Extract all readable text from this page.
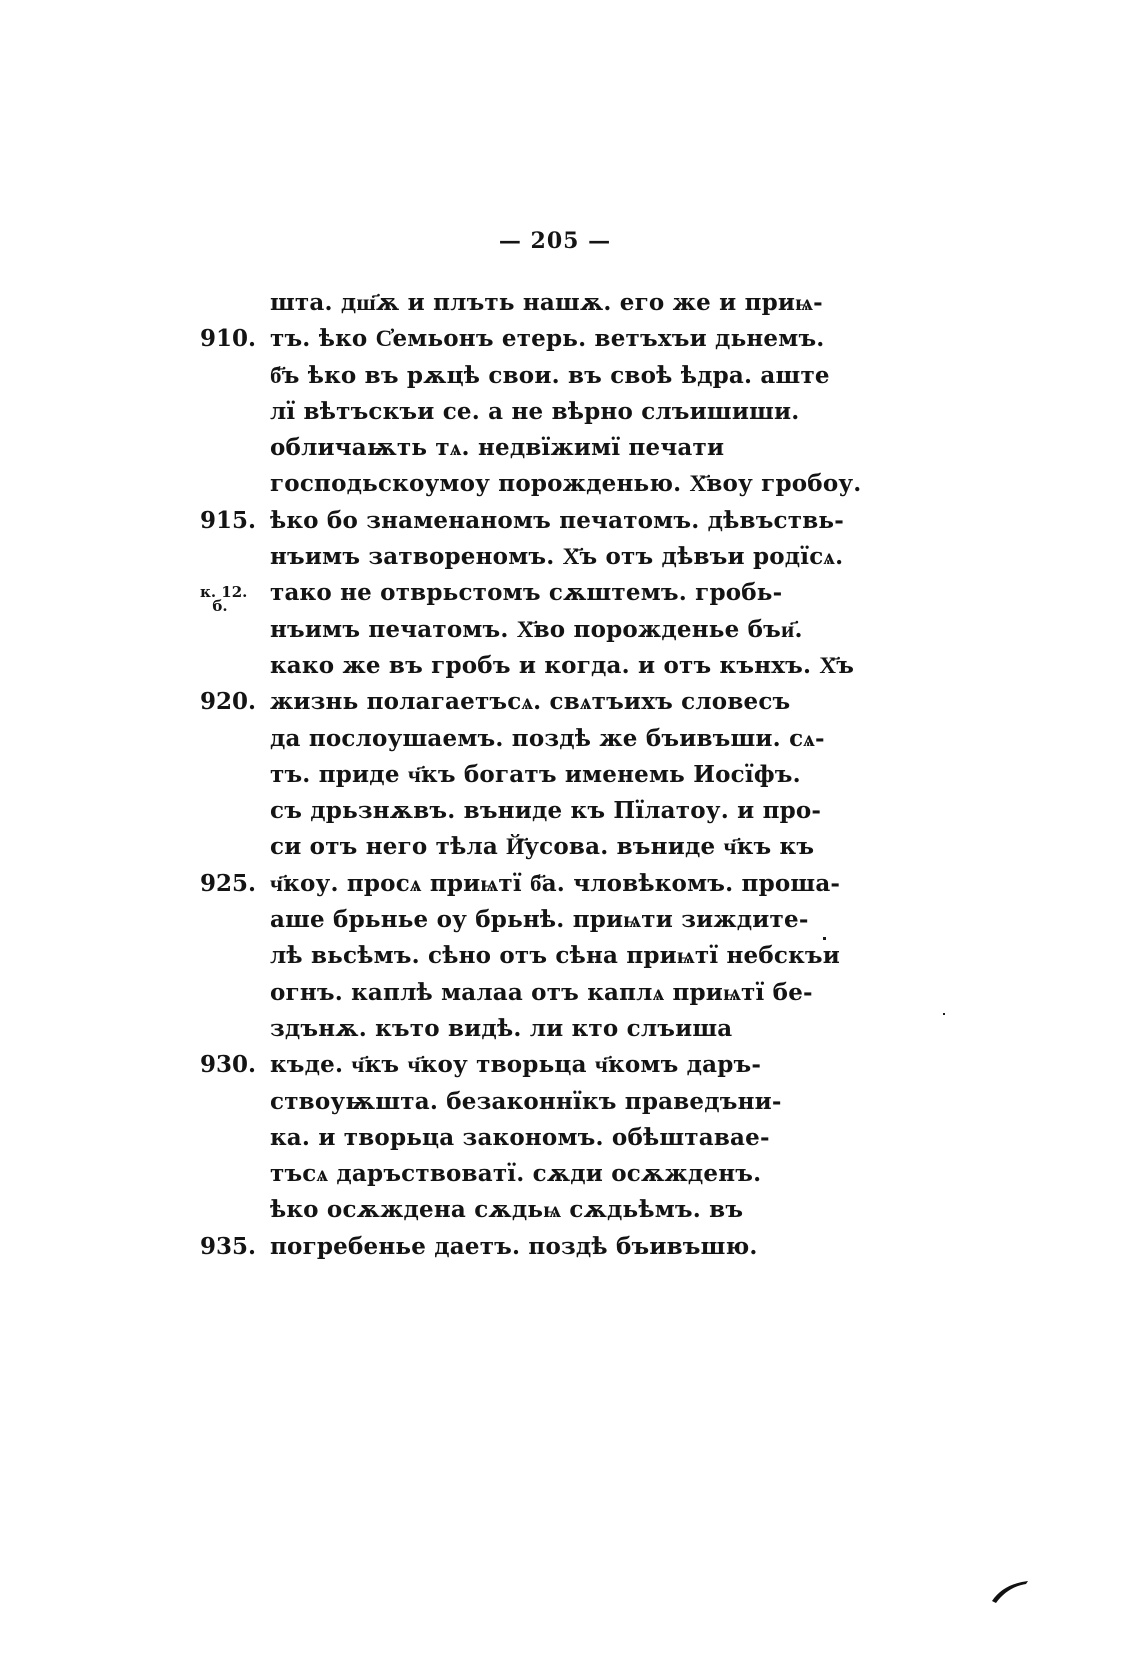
— 205 —
шта. дш҃ѫ и плъть нашѫ. его же и приѩ-
910. тъ. ѣко С҆емьонъ етерь. ветъхъи дьнемъ.
б҃ъ ѣко въ рѫцѣ свои. въ своѣ ѣдра. аште
лї вѣтъскъи се. а не вѣрно слъишиши.
обличаѭть тѧ. недвїжимї печати
господьскоумоу порожденью. Х҃воу гробоу.
915. ѣко бо знаменаномъ печатомъ. дѣвъствь-
нъимъ затвореномъ. Х҃ъ отъ дѣвъи родїсѧ.
к. 12.
б.	тако не отврьстомъ сѫштемъ. гробь-
нъимъ печатомъ. Х҃во порожденье бъи҃.
како же въ гробъ и когда. и отъ кънхъ. Х҃ъ
920. жизнь полагаетъсѧ. свѧтъихъ словесъ
да послоушаемъ. поздѣ же бъивъши. сѧ-
тъ. приде ч҃къ богатъ именемь Иосїфъ.
съ дрьзнѫвъ. вънидe къ Пїлатоу. и про-
си отъ него тѣла Й҃усова. вънидe ч҃къ къ
925. ч҃коу. просѧ приѩтї б҃а. чловѣкомъ. проша-
аше брьнье оу брьнѣ. приѩти зиждите-
лѣ вьсѣмъ. сѣно отъ сѣна приѩтї небскъи
огнъ. каплѣ малаа отъ каплѧ приѩтї бе-
здънѫ. къто видѣ. ли кто слъиша
930. къде. ч҃къ ч҃коу творьца ч҃комъ даръ-
ствоуѭшта. безаконнїкъ праведъни-
ка. и творьца закономъ. обѣштавае-
тъсѧ даръствоватї. сѫди осѫжденъ.
ѣко осѫждена сѫдьѩ сѫдьѣмъ. въ
935. погребенье даетъ. поздѣ бъивъшю.
